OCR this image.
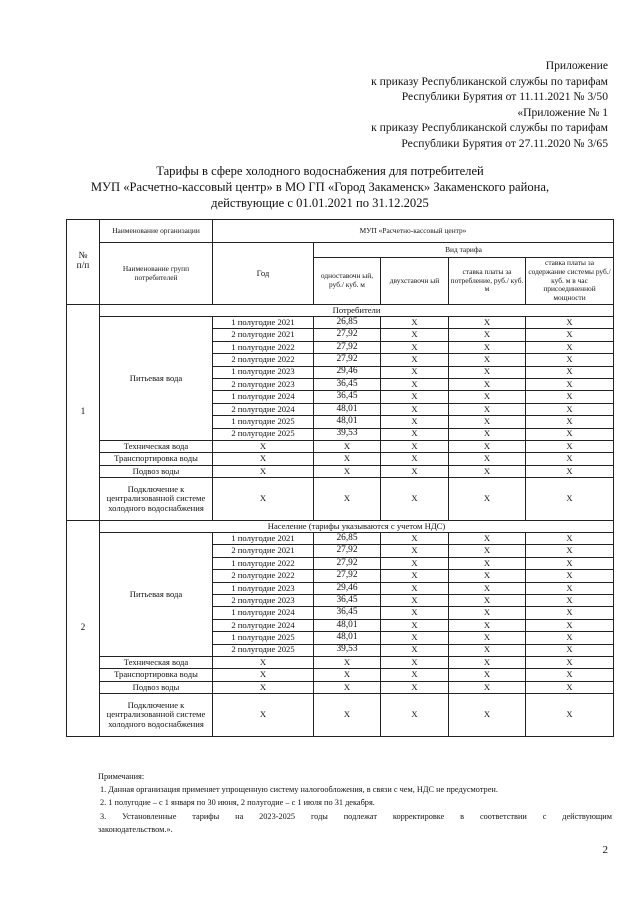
Приложение
к приказу Республиканской службы по тарифам
Республики Бурятия от 11.11.2021 № 3/50
«Приложение № 1
к приказу Республиканской службы по тарифам
Республики Бурятия от 27.11.2020 № 3/65
Тарифы в сфере холодного водоснабжения для потребителей
МУП «Расчетно-кассовый центр» в МО ГП «Город Закаменск» Закаменского района,
действующие с 01.01.2021 по 31.12.2025
№
п/п	Наименование организации	МУП «Расчетно-кассовый центр»				
	Наименование групп потребителей	Год	Вид тарифа			
			одноставочн ый, руб./ куб. м	двухставочн ый	ставка платы за потребление, руб./ куб. м	ставка платы за содержание системы руб./куб. м в час присоединенной мощности
1	Потребители					
	Питьевая вода	1 полугодие 2021	26,85	Х	Х	Х
		2 полугодие 2021	27,92	Х	Х	Х
		1 полугодие 2022	27,92	Х	Х	Х
		2 полугодие 2022	27,92	Х	Х	Х
		1 полугодие 2023	29,46	Х	Х	Х
		2 полугодие 2023	36,45	Х	Х	Х
		1 полугодие 2024	36,45	Х	Х	Х
		2 полугодие 2024	48,01	Х	Х	Х
		1 полугодие 2025	48,01	Х	Х	Х
		2 полугодие 2025	39,53	Х	Х	Х
	Техническая вода	Х	Х	Х	Х	Х
	Транспортировка воды	Х	Х	Х	Х	Х
	Подвоз воды	Х	Х	Х	Х	Х
	Подключение к централизованной системе холодного водоснабжения	Х	Х	Х	Х	Х
2	Население (тарифы указываются с учетом НДС)					
	Питьевая вода	1 полугодие 2021	26,85	Х	Х	Х
		2 полугодие 2021	27,92	Х	Х	Х
		1 полугодие 2022	27,92	Х	Х	Х
		2 полугодие 2022	27,92	Х	Х	Х
		1 полугодие 2023	29,46	Х	Х	Х
		2 полугодие 2023	36,45	Х	Х	Х
		1 полугодие 2024	36,45	Х	Х	Х
		2 полугодие 2024	48,01	Х	Х	Х
		1 полугодие 2025	48,01	Х	Х	Х
		2 полугодие 2025	39,53	Х	Х	Х
	Техническая вода	Х	Х	Х	Х	Х
	Транспортировка воды	Х	Х	Х	Х	Х
	Подвоз воды	Х	Х	Х	Х	Х
	Подключение к централизованной системе холодного водоснабжения	Х	Х	Х	Х	Х
Примечания:
1. Данная организация применяет упрощенную систему налогообложения, в связи с чем, НДС не предусмотрен.
2. 1 полугодие – с 1 января по 30 июня, 2 полугодие – с 1 июля по 31 декабря.
3. Установленные тарифы на 2023-2025 годы подлежат корректировке в соответствии с действующим
законодательством.».
2
